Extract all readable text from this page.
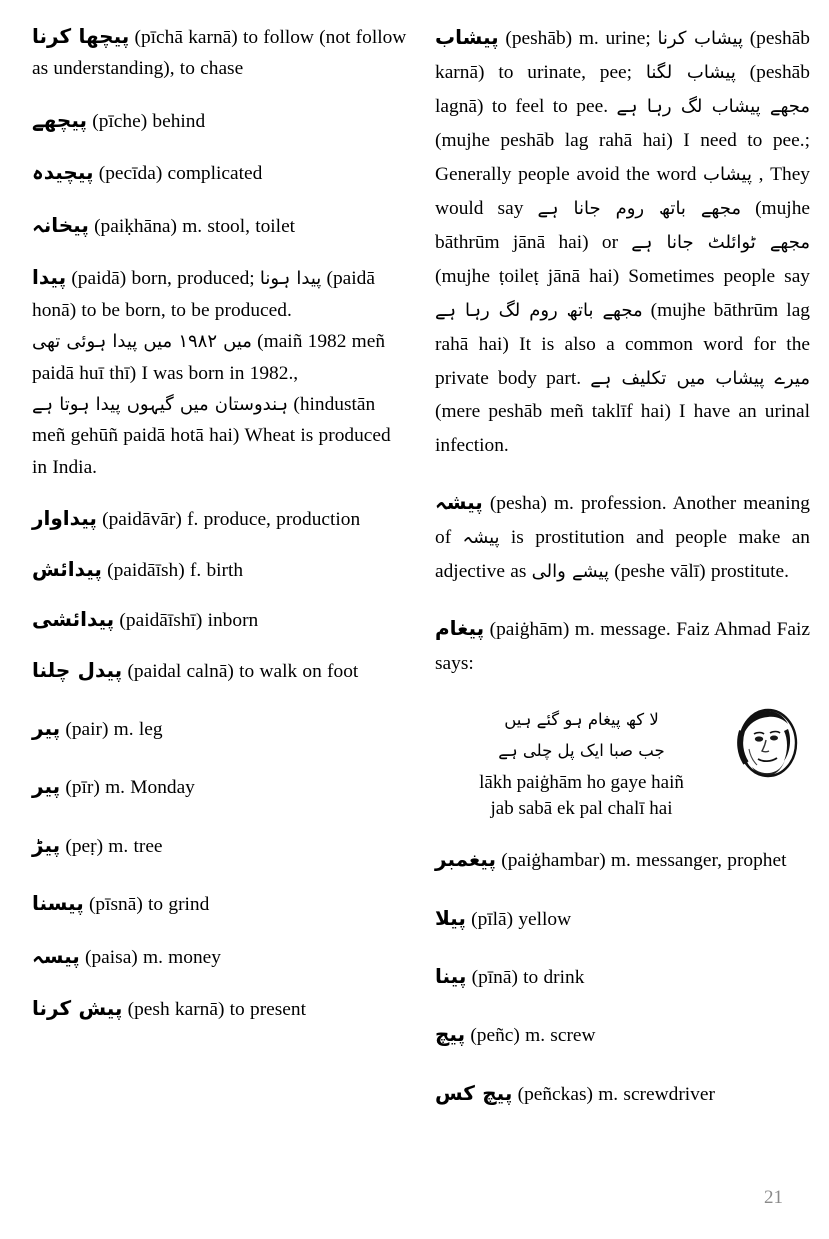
پیچھا کرنا (pīchā karnā) to follow (not follow as understanding), to chase

پیچھے (pīche) behind

پیچیدہ (pecīda) complicated

پیخانہ (paiḳhāna) m. stool, toilet

پیدا (paidā) born, produced; پیدا ہونا (paidā honā) to be born, to be produced. میں ۱۹۸۲ میں پیدا ہوئی تھی (maiñ 1982 meñ paidā huī thī) I was born in 1982., ہندوستان میں گیہوں پیدا ہوتا ہے (hindustān meñ gehūñ paidā hotā hai) Wheat is produced in India.

پیداوار (paidāvār) f. produce, production

پیدائش (paidāīsh) f. birth

پیدائشی (paidāīshī) inborn

پیدل چلنا (paidal calnā) to walk on foot

پیر (pair) m. leg

پیر (pīr) m. Monday

پیڑ (peṛ) m. tree

پیسنا (pīsnā) to grind

پیسہ (paisa) m. money

پیش کرنا (pesh karnā) to present

پیشاب (peshāb) m. urine; پیشاب کرنا (peshāb karnā) to urinate, pee; پیشاب لگنا (peshāb lagnā) to feel to pee. مجھے پیشاب لگ رہا ہے (mujhe peshāb lag rahā hai) I need to pee.; Generally people avoid the word پیشاب , They would say مجھے باتھ روم جانا ہے (mujhe bāthrūm jānā hai) or مجھے ٹوائلٹ جانا ہے (mujhe ṭoileṭ jānā hai) Sometimes people say مجھے باتھ روم لگ رہا ہے (mujhe bāthrūm lag rahā hai) It is also a common word for the private body part. میرے پیشاب میں تکلیف ہے (mere peshāb meñ taklīf hai) I have an urinal infection.

پیشہ (pesha) m. profession. Another meaning of پیشہ is prostitution and people make an adjective as پیشے والی (peshe vālī) prostitute.

پیغام (paiġhām) m. message. Faiz Ahmad Faiz says:

لا کھ پیغام ہو گئے ہیں
جب صبا ایک پل چلی ہے
lākh paiġhām ho gaye haiñ
jab sabā ek pal chalī hai

پیغمبر (paiġhambar) m. messanger, prophet

پیلا (pīlā) yellow

پینا (pīnā) to drink

پیچ (peñc) m. screw

پیچ کس (peñckas) m. screwdriver

21
